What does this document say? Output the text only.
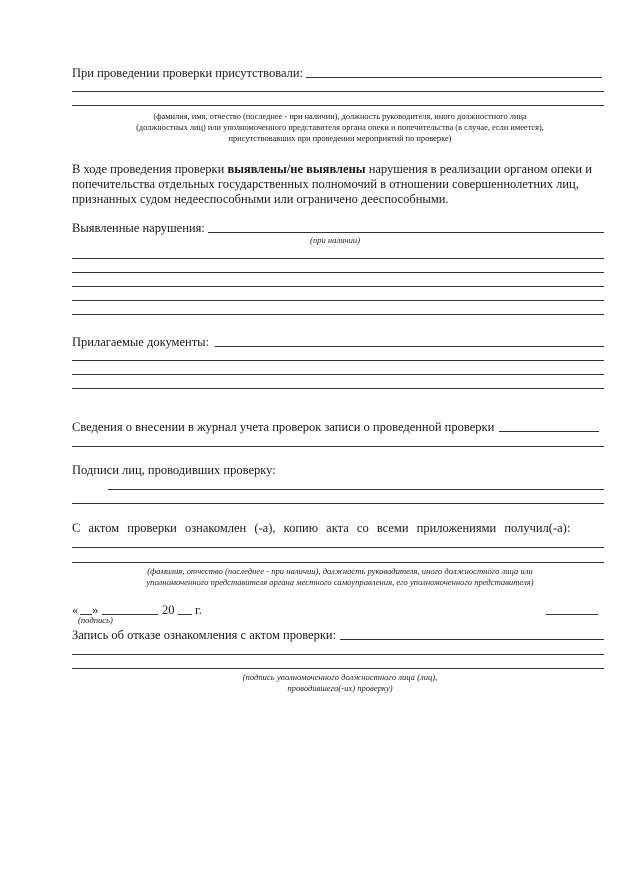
При проведении проверки присутствовали:
(фамилия, имя, отчество (последнее - при наличии), должность руководителя, иного должностного лица
(должностных лиц) или уполномоченного представителя органа опеки и попечительства (в случае, если имеется),
присутствовавших при проведении мероприятий по проверке)
В ходе проведения проверки выявлены/не выявлены нарушения в реализации органом опеки и
попечительства отдельных государственных полномочий в отношении совершеннолетних лиц,
признанных судом недееспособными или ограничено дееспособными.
Выявленные нарушения:
(при наличии)
Прилагаемые документы:
Сведения о внесении в журнал учета проверок записи о проведенной проверки
Подписи лиц, проводивших проверку:
С актом проверки ознакомлен (-а), копию акта со всеми приложениями получил(-а):
(фамилия, отчество (последнее - при наличии), должность руководителя, иного должностного лица или
уполномоченного представителя органа местного самоуправления, его уполномоченного представителя)
« »	20 г.
(подпись)
Запись об отказе ознакомления с актом проверки:
(подпись уполномоченного должностного лица (лиц),
проводившего(-их) проверку)
